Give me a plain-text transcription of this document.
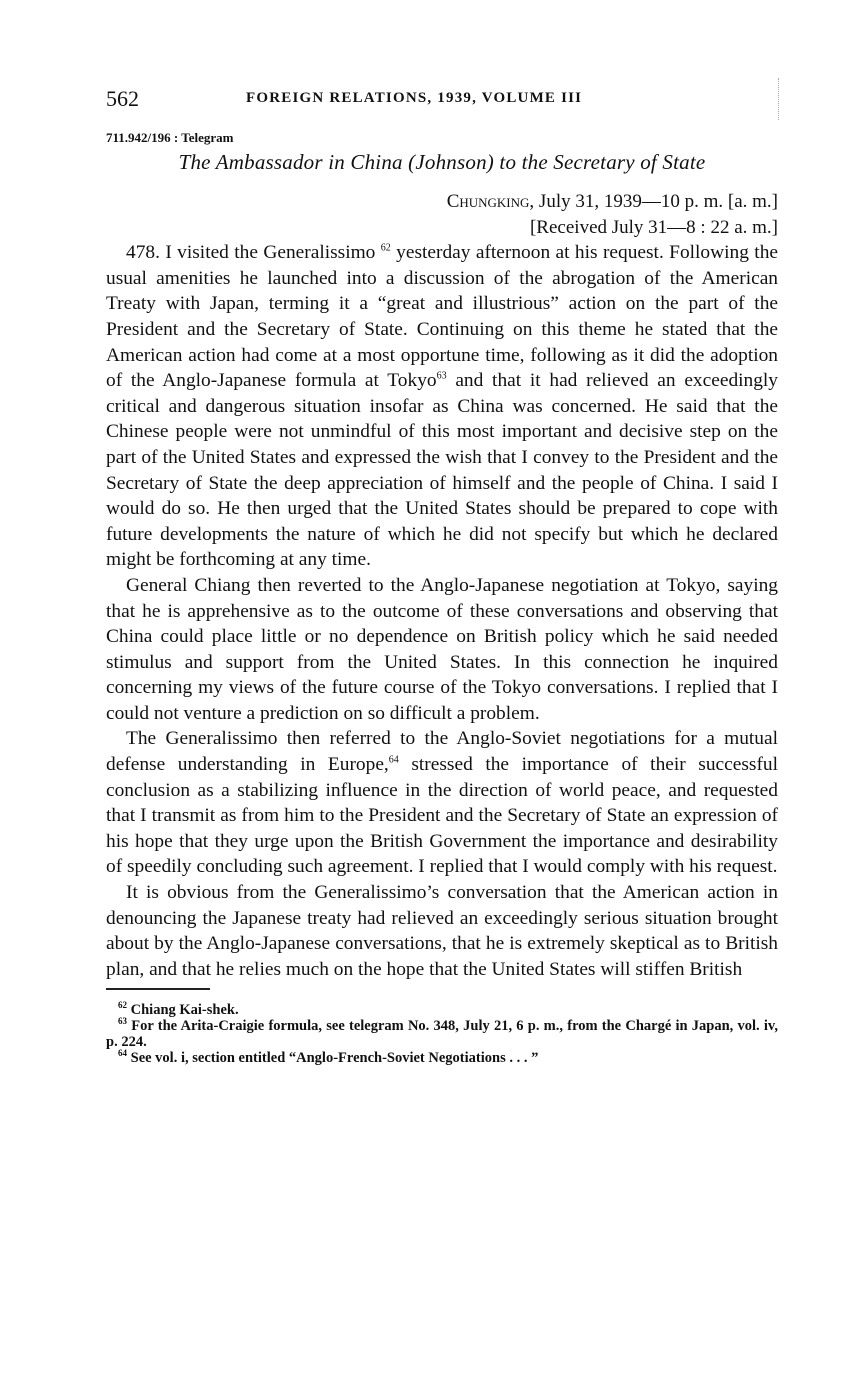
562	FOREIGN RELATIONS, 1939, VOLUME III
711.942/196 : Telegram
The Ambassador in China (Johnson) to the Secretary of State
Chungking, July 31, 1939—10 p. m. [a. m.]
[Received July 31—8 : 22 a. m.]

478. I visited the Generalissimo $^{62}$ yesterday afternoon at his request. Following the usual amenities he launched into a discussion of the abrogation of the American Treaty with Japan, terming it a “great and illustrious” action on the part of the President and the Secretary of State. Continuing on this theme he stated that the American action had come at a most opportune time, following as it did the adoption of the Anglo-Japanese formula at Tokyo$^{63}$ and that it had relieved an exceedingly critical and dangerous situation insofar as China was concerned. He said that the Chinese people were not unmindful of this most important and decisive step on the part of the United States and expressed the wish that I convey to the President and the Secretary of State the deep appreciation of himself and the people of China. I said I would do so. He then urged that the United States should be prepared to cope with future developments the nature of which he did not specify but which he declared might be forthcoming at any time.

General Chiang then reverted to the Anglo-Japanese negotiation at Tokyo, saying that he is apprehensive as to the outcome of these conversations and observing that China could place little or no dependence on British policy which he said needed stimulus and support from the United States. In this connection he inquired concerning my views of the future course of the Tokyo conversations. I replied that I could not venture a prediction on so difficult a problem.

The Generalissimo then referred to the Anglo-Soviet negotiations for a mutual defense understanding in Europe,$^{64}$ stressed the importance of their successful conclusion as a stabilizing influence in the direction of world peace, and requested that I transmit as from him to the President and the Secretary of State an expression of his hope that they urge upon the British Government the importance and desirability of speedily concluding such agreement. I replied that I would comply with his request.

It is obvious from the Generalissimo’s conversation that the American action in denouncing the Japanese treaty had relieved an exceedingly serious situation brought about by the Anglo-Japanese conversations, that he is extremely skeptical as to British plan, and that he relies much on the hope that the United States will stiffen British

$^{62}$ Chiang Kai-shek.
$^{63}$ For the Arita-Craigie formula, see telegram No. 348, July 21, 6 p. m., from the Chargé in Japan, vol. iv, p. 224.
$^{64}$ See vol. i, section entitled “Anglo-French-Soviet Negotiations . . . ”
